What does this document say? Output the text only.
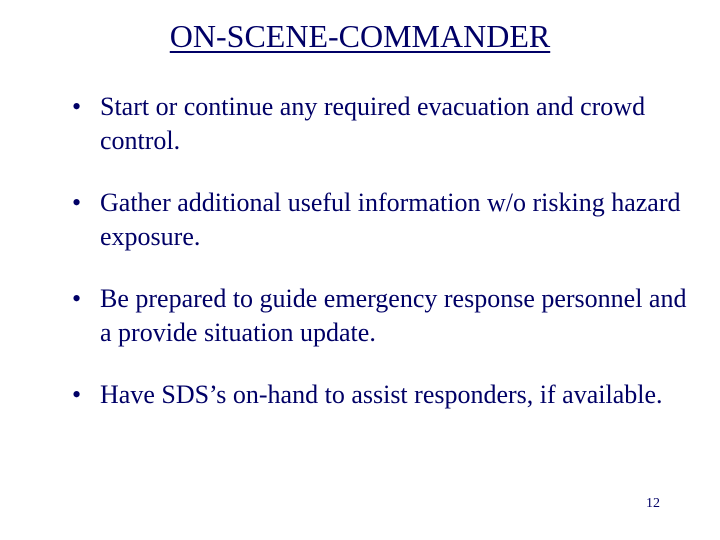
ON-SCENE-COMMANDER
• Start or continue any required evacuation and crowd control.
• Gather additional useful information w/o risking hazard exposure.
• Be prepared to guide emergency response personnel and a provide situation update.
• Have SDS’s on-hand to assist responders, if available.
12
